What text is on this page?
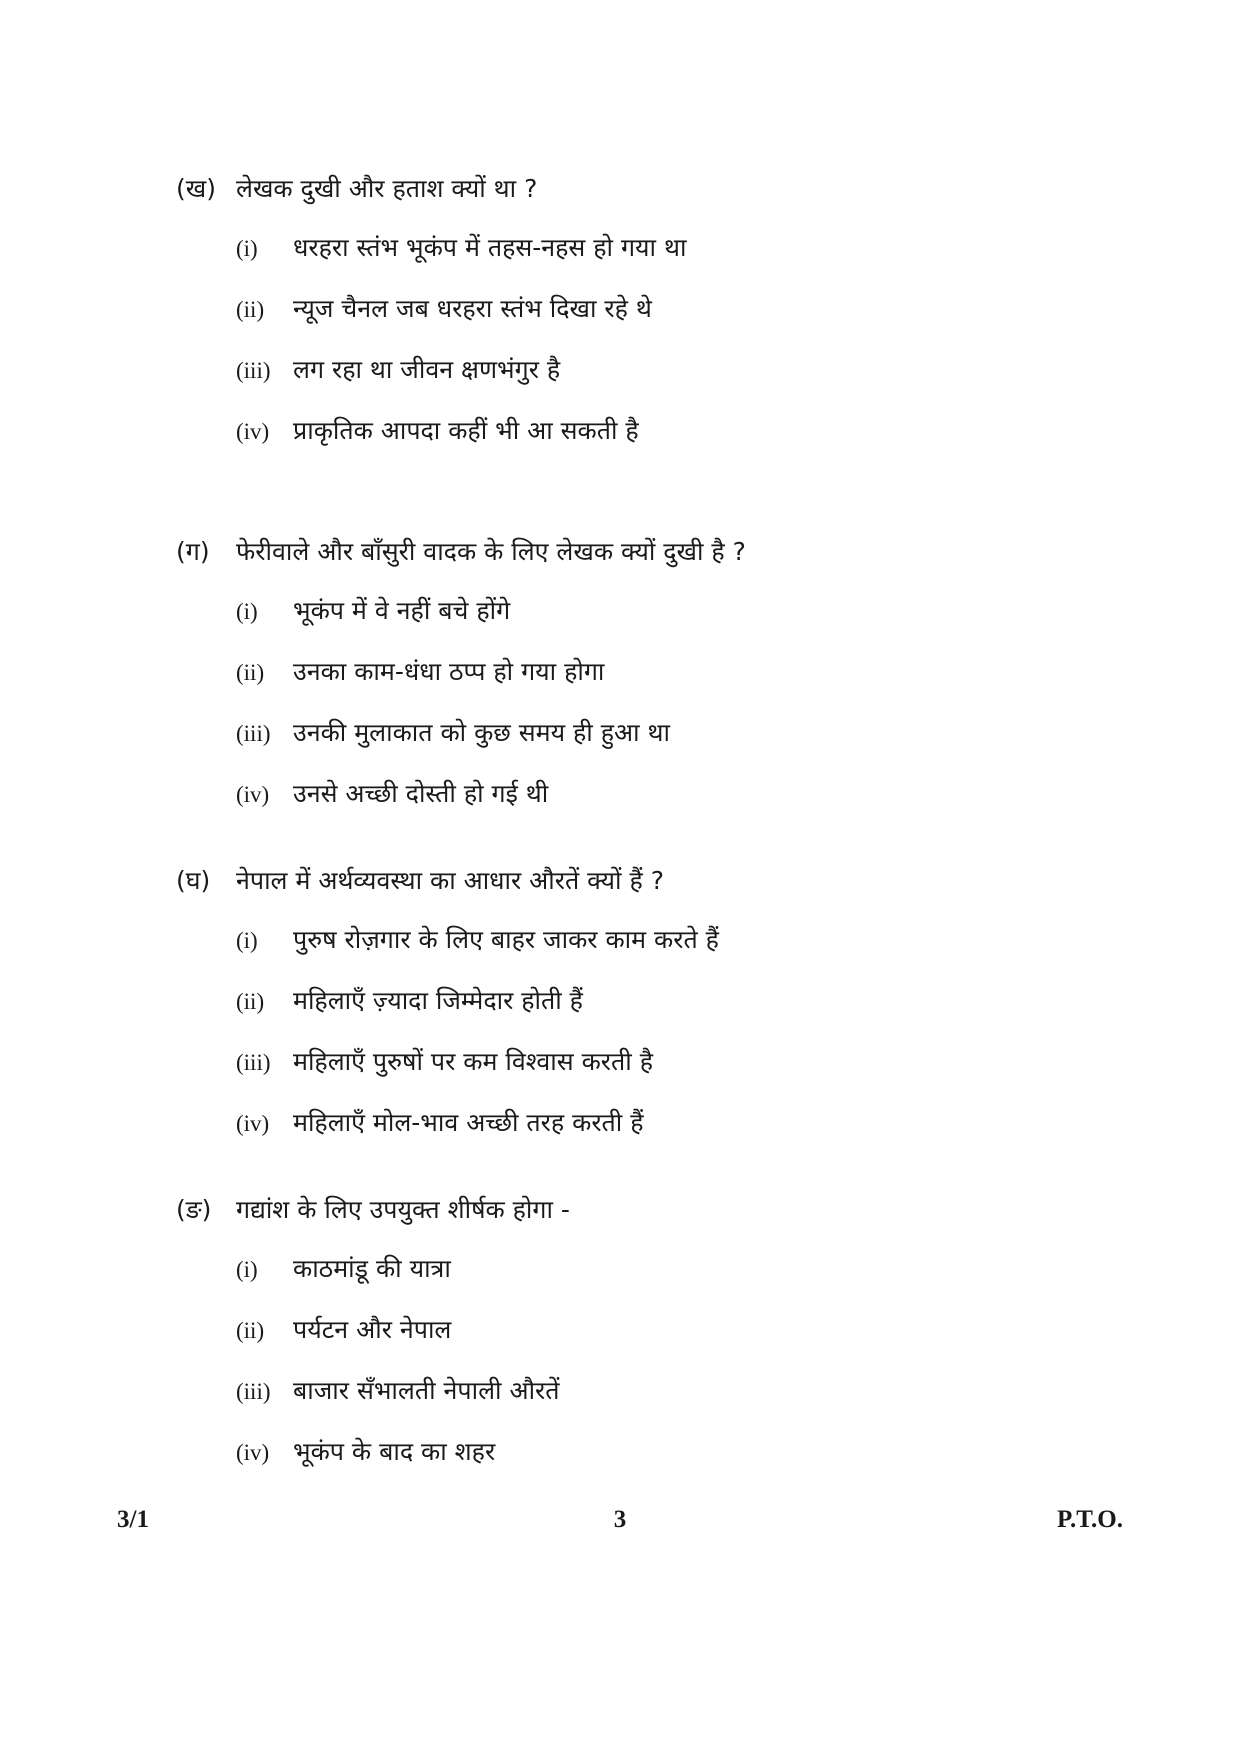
(ख) लेखक दुखी और हताश क्यों था ?
(i)	धरहरा स्तंभ भूकंप में तहस-नहस हो गया था
(ii)	न्यूज चैनल जब धरहरा स्तंभ दिखा रहे थे
(iii) लग रहा था जीवन क्षणभंगुर है
(iv) प्राकृतिक आपदा कहीं भी आ सकती है
(ग)	फेरीवाले और बाँसुरी वादक के लिए लेखक क्यों दुखी है ?
(i)	भूकंप में वे नहीं बचे होंगे
(ii)	उनका काम-धंधा ठप्प हो गया होगा
(iii) उनकी मुलाकात को कुछ समय ही हुआ था
(iv) उनसे अच्छी दोस्ती हो गई थी
(घ)	नेपाल में अर्थव्यवस्था का आधार औरतें क्यों हैं ?
(i)	पुरुष रोज़गार के लिए बाहर जाकर काम करते हैं
(ii)	महिलाएँ ज़्यादा जिम्मेदार होती हैं
(iii) महिलाएँ पुरुषों पर कम विश्वास करती है
(iv) महिलाएँ मोल-भाव अच्छी तरह करती हैं
(ङ) गद्यांश के लिए उपयुक्त शीर्षक होगा -
(i)	काठमांडू की यात्रा
(ii)	पर्यटन और नेपाल
(iii) बाजार सँभालती नेपाली औरतें
(iv) भूकंप के बाद का शहर
3/1	3	P.T.O.
